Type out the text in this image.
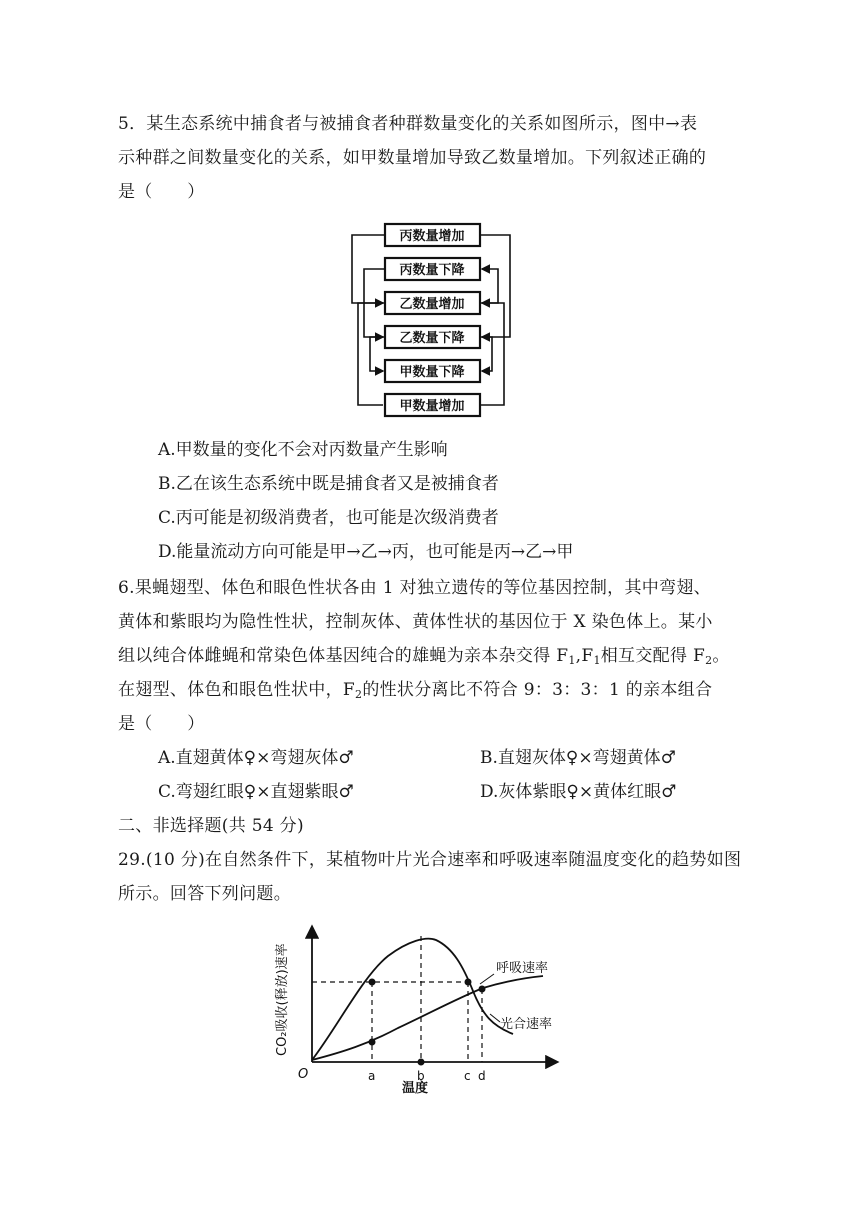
5．某生态系统中捕食者与被捕食者种群数量变化的关系如图所示，图中→表
示种群之间数量变化的关系，如甲数量增加导致乙数量增加。下列叙述正确的
是（　　）
丙数量增加
丙数量下降
乙数量增加
乙数量下降
甲数量下降
甲数量增加
A.甲数量的变化不会对丙数量产生影响
B.乙在该生态系统中既是捕食者又是被捕食者
C.丙可能是初级消费者，也可能是次级消费者
D.能量流动方向可能是甲→乙→丙，也可能是丙→乙→甲
6.果蝇翅型、体色和眼色性状各由 1 对独立遗传的等位基因控制，其中弯翅、
黄体和紫眼均为隐性性状，控制灰体、黄体性状的基因位于 X 染色体上。某小
组以纯合体雌蝇和常染色体基因纯合的雄蝇为亲本杂交得 $F_1,F_1$相互交配得 $F_2$。
在翅型、体色和眼色性状中，$F_2$的性状分离比不符合 9：3：3：1 的亲本组合
是（　　）
A.直翅黄体♀×弯翅灰体♂	B.直翅灰体♀×弯翅黄体♂
C.弯翅红眼♀×直翅紫眼♂	D.灰体紫眼♀×黄体红眼♂
二、非选择题(共 54 分)
29.(10 分)在自然条件下，某植物叶片光合速率和呼吸速率随温度变化的趋势如图
所示。回答下列问题。
CO₂吸收(释放)速率
O	a	b	c d
温度
呼吸速率
光合速率
